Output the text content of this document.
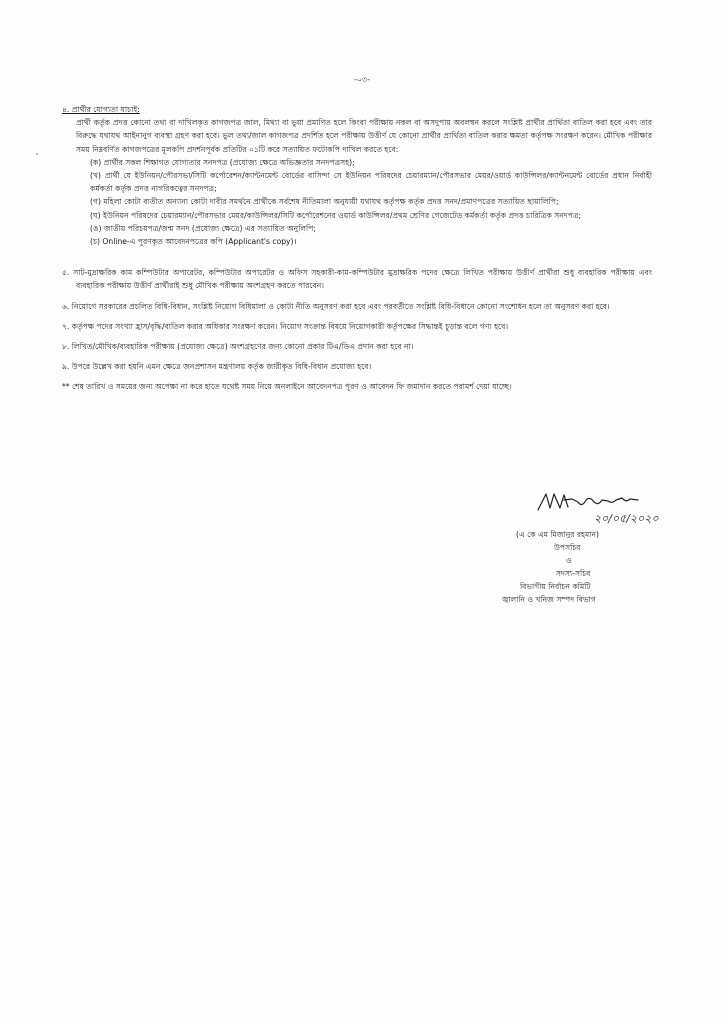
-০৩-

৪. প্রার্থীর যোগ্যতা যাচাই:

প্রার্থী কর্তৃক প্রদত্ত কোনো তথ্য বা দাখিলকৃত কাগজপত্র জাল, মিথ্যা বা ভুয়া প্রমাণিত হলে কিংবা পরীক্ষায় নকল বা অসদুপায় অবলম্বন করলে সংশ্লিষ্ট প্রার্থীর প্রার্থিতা বাতিল করা হবে এবং তার বিরুদ্ধে যথাযথ আইনানুগ ব্যবস্থা গ্রহণ করা হবে। ভুল তথ্য/জাল কাগজপত্র প্রদর্শিত হলে পরীক্ষায় উত্তীর্ণ যে কোনো প্রার্থীর প্রার্থিতা বাতিল করার ক্ষমতা কর্তৃপক্ষ সংরক্ষণ করেন। মৌখিক পরীক্ষার সময় নিম্নবর্ণিত কাগজপত্রের মূলকপি প্রদর্শনপূর্বক প্রতিটির ০১টি করে সত্যায়িত ফটোকপি দাখিল করতে হবে:

(ক) প্রার্থীর সকল শিক্ষাগত যোগ্যতার সনদপত্র (প্রযোজ্য ক্ষেত্রে অভিজ্ঞতার সনদপত্রসহ);

(খ) প্রার্থী যে ইউনিয়ন/পৌরসভা/সিটি কর্পোরেশন/ক্যান্টনমেন্ট বোর্ডের বাসিন্দা সে ইউনিয়ন পরিষদের চেয়ারম্যান/পৌরসভার মেয়র/ওয়ার্ড কাউন্সিলর/ক্যান্টনমেন্ট বোর্ডের প্রধান নির্বাহী কর্মকর্তা কর্তৃক প্রদত্ত নাগরিকত্বের সনদপত্র;

(গ) মহিলা কোটা ব্যতীত অন্যান্য কোটা দাবীর সমর্থনে প্রার্থীকে সর্বশেষ নীতিমালা অনুযায়ী যথাযথ কর্তৃপক্ষ কর্তৃক প্রদত্ত সনদ/প্রমাণপত্রের সত্যায়িত ছায়ালিপি;

(ঘ) ইউনিয়ন পরিষদের চেয়ারম্যান/পৌরসভার মেয়র/কাউন্সিলর/সিটি কর্পোরেশনের ওয়ার্ড কাউন্সিলর/প্রথম শ্রেণির গেজেটেড কর্মকর্তা কর্তৃক প্রদত্ত চারিত্রিক সনদপত্র;

(ঙ) জাতীয় পরিচয়পত্র/জন্ম সনদ (প্রযোজ্য ক্ষেত্রে) এর সত্যায়িত অনুলিপি;

(চ) Online-এ পূরণকৃত আবেদনপত্রের কপি (Applicant's copy)।

৫. সাট-মুদ্রাক্ষরিক কাম কম্পিউটার অপারেটর, কম্পিউটার অপারেটর ও অফিস সহকারী-কাম-কম্পিউটার মুদ্রাক্ষরিক পদের ক্ষেত্রে লিখিত পরীক্ষায় উত্তীর্ণ প্রার্থীরা শুধু ব্যবহারিক পরীক্ষায় এবং ব্যবহারিক পরীক্ষায় উত্তীর্ণ প্রার্থীরাই শুধু মৌখিক পরীক্ষায় অংশগ্রহণ করতে পারবেন।

৬. নিয়োগে সরকারের প্রচলিত বিধি-বিধান, সংশ্লিষ্ট নিয়োগ বিধিমালা ও কোটা নীতি অনুসরণ করা হবে এবং পরবর্তীতে সংশ্লিষ্ট বিধি-বিধানে কোনো সংশোধন হলে তা অনুসরণ করা হবে।

৭. কর্তৃপক্ষ পদের সংখ্যা হ্রাস/বৃদ্ধি/বাতিল করার অধিকার সংরক্ষণ করেন। নিয়োগ সংক্রান্ত বিষয়ে নিয়োগকারী কর্তৃপক্ষের সিদ্ধান্তই চূড়ান্ত বলে গণ্য হবে।

৮. লিখিত/মৌখিক/ব্যবহারিক পরীক্ষায় (প্রযোজ্য ক্ষেত্রে) অংশগ্রহণের জন্য কোনো প্রকার টিএ/ডিএ প্রদান করা হবে না।

৯. উপরে উল্লেখ করা হয়নি এমন ক্ষেত্রে জনপ্রশাসন মন্ত্রণালয় কর্তৃক জারীকৃত বিধি-বিধান প্রযোজ্য হবে।

** শেষ তারিখ ও সময়ের জন্য অপেক্ষা না করে হাতে যথেষ্ট সময় নিয়ে অনলাইনে আবেদনপত্র পূরণ ও আবেদন ফি জমাদান করতে পরামর্শ দেয়া যাচ্ছে।

২০/০৫/২০২০
(এ কে এম মিজানুর রহমান)
উপসচিব
ও
সদস্য-সচিব
বিভাগীয় নির্বাচন কমিটি
জ্বালানি ও খনিজ সম্পদ বিভাগ
